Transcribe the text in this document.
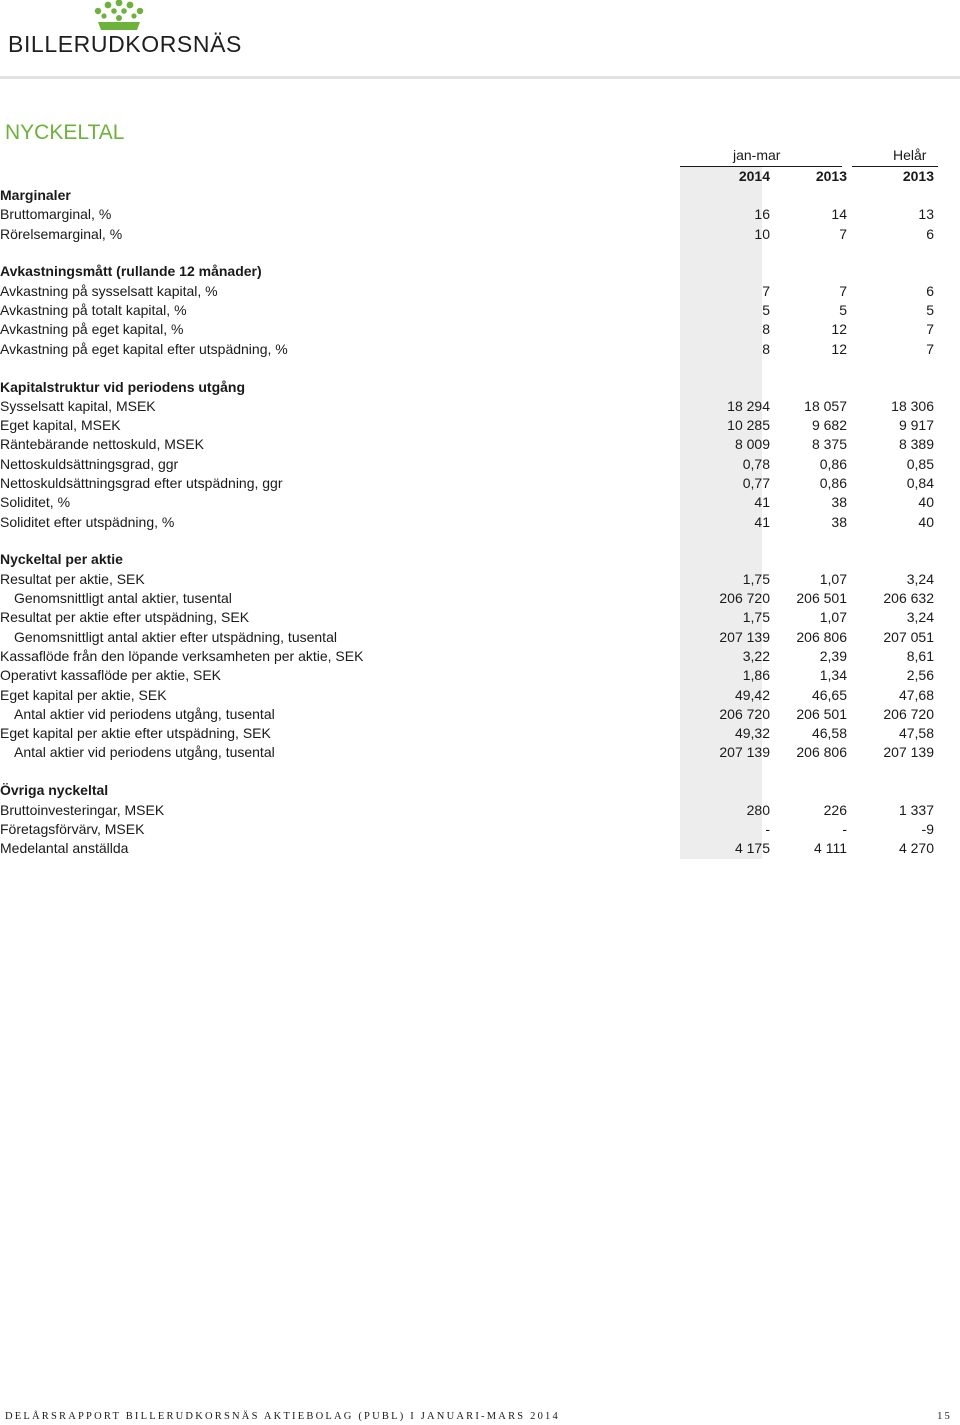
BILLERUDKORSNÄS
NYCKELTAL
jan-mar	Helår
	2014	2013	2013
Marginaler			
Bruttomarginal, %	16	14	13
Rörelsemarginal, %	10	7	6

Avkastningsmått (rullande 12 månader)			
Avkastning på sysselsatt kapital, %	7	7	6
Avkastning på totalt kapital, %	5	5	5
Avkastning på eget kapital, %	8	12	7
Avkastning på eget kapital efter utspädning, %	8	12	7

Kapitalstruktur vid periodens utgång			
Sysselsatt kapital, MSEK	18 294	18 057	18 306
Eget kapital, MSEK	10 285	9 682	9 917
Räntebärande nettoskuld, MSEK	8 009	8 375	8 389
Nettoskuldsättningsgrad, ggr	0,78	0,86	0,85
Nettoskuldsättningsgrad efter utspädning, ggr	0,77	0,86	0,84
Soliditet, %	41	38	40
Soliditet efter utspädning, %	41	38	40

Nyckeltal per aktie			
Resultat per aktie, SEK	1,75	1,07	3,24
Genomsnittligt antal aktier, tusental	206 720	206 501	206 632
Resultat per aktie efter utspädning, SEK	1,75	1,07	3,24
Genomsnittligt antal aktier efter utspädning, tusental	207 139	206 806	207 051
Kassaflöde från den löpande verksamheten per aktie, SEK	3,22	2,39	8,61
Operativt kassaflöde per aktie, SEK	1,86	1,34	2,56
Eget kapital per aktie, SEK	49,42	46,65	47,68
Antal aktier vid periodens utgång, tusental	206 720	206 501	206 720
Eget kapital per aktie efter utspädning, SEK	49,32	46,58	47,58
Antal aktier vid periodens utgång, tusental	207 139	206 806	207 139

Övriga nyckeltal			
Bruttoinvesteringar, MSEK	280	226	1 337
Företagsförvärv, MSEK	-	-	-9
Medelantal anställda	4 175	4 111	4 270
DELÅRSRAPPORT BILLERUDKORSNÄS AKTIEBOLAG (PUBL) I JANUARI-MARS 2014	15
